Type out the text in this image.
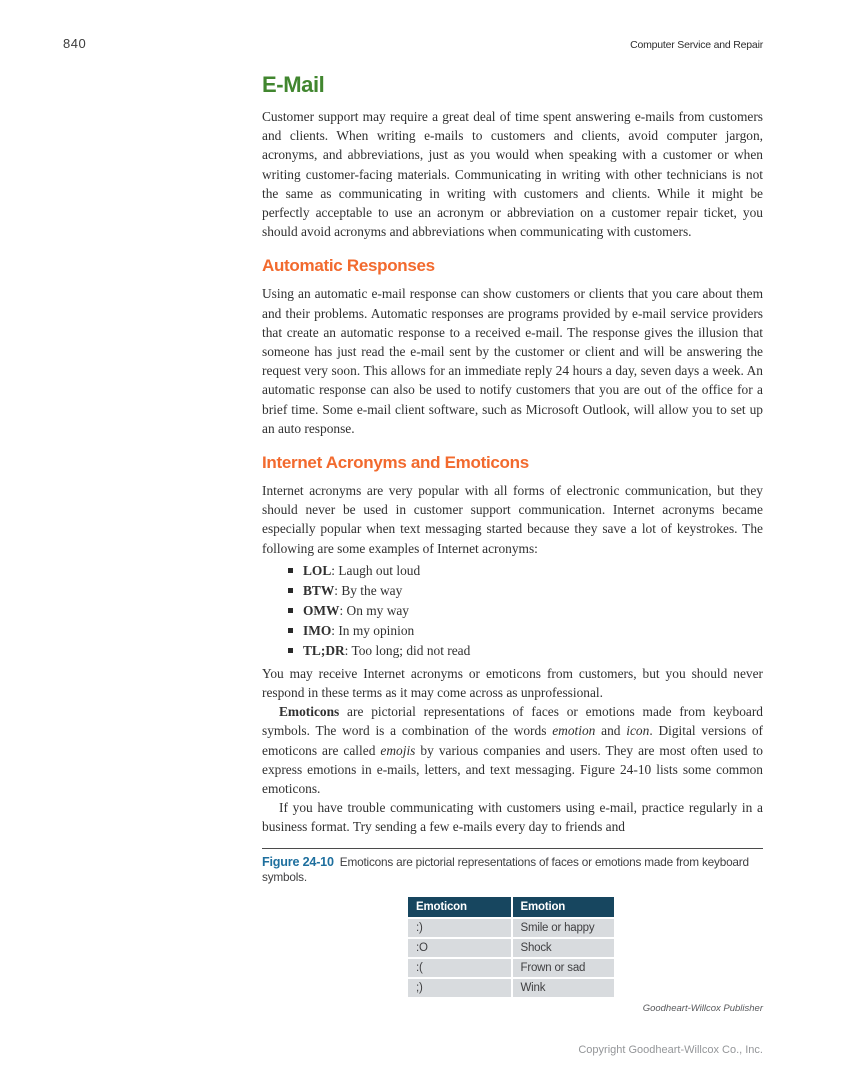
840	Computer Service and Repair
E-Mail

Customer support may require a great deal of time spent answering e-mails from customers and clients. When writing e-mails to customers and clients, avoid computer jargon, acronyms, and abbreviations, just as you would when speaking with a customer or when writing customer-facing materials. Communicating in writing with other technicians is not the same as communicating in writing with customers and clients. While it might be perfectly acceptable to use an acronym or abbreviation on a customer repair ticket, you should avoid acronyms and abbreviations when communicating with customers.

Automatic Responses

Using an automatic e-mail response can show customers or clients that you care about them and their problems. Automatic responses are programs provided by e-mail service providers that create an automatic response to a received e-mail. The response gives the illusion that someone has just read the e-mail sent by the customer or client and will be answering the request very soon. This allows for an immediate reply 24 hours a day, seven days a week. An automatic response can also be used to notify customers that you are out of the office for a brief time. Some e-mail client software, such as Microsoft Outlook, will allow you to set up an auto response.

Internet Acronyms and Emoticons

Internet acronyms are very popular with all forms of electronic communication, but they should never be used in customer support communication. Internet acronyms became especially popular when text messaging started because they save a lot of keystrokes. The following are some examples of Internet acronyms:

LOL: Laugh out loud
BTW: By the way
OMW: On my way
IMO: In my opinion
TL;DR: Too long; did not read

You may receive Internet acronyms or emoticons from customers, but you should never respond in these terms as it may come across as unprofessional.

Emoticons are pictorial representations of faces or emotions made from keyboard symbols. The word is a combination of the words emotion and icon. Digital versions of emoticons are called emojis by various companies and users. They are most often used to express emotions in e-mails, letters, and text messaging. Figure 24-10 lists some common emoticons.

If you have trouble communicating with customers using e-mail, practice regularly in a business format. Try sending a few e-mails every day to friends and

Figure 24-10 Emoticons are pictorial representations of faces or emotions made from keyboard symbols.
Emoticon	Emotion
:)	Smile or happy
:O	Shock
:(	Frown or sad
;)	Wink
Goodheart-Willcox Publisher
Copyright Goodheart-Willcox Co., Inc.
